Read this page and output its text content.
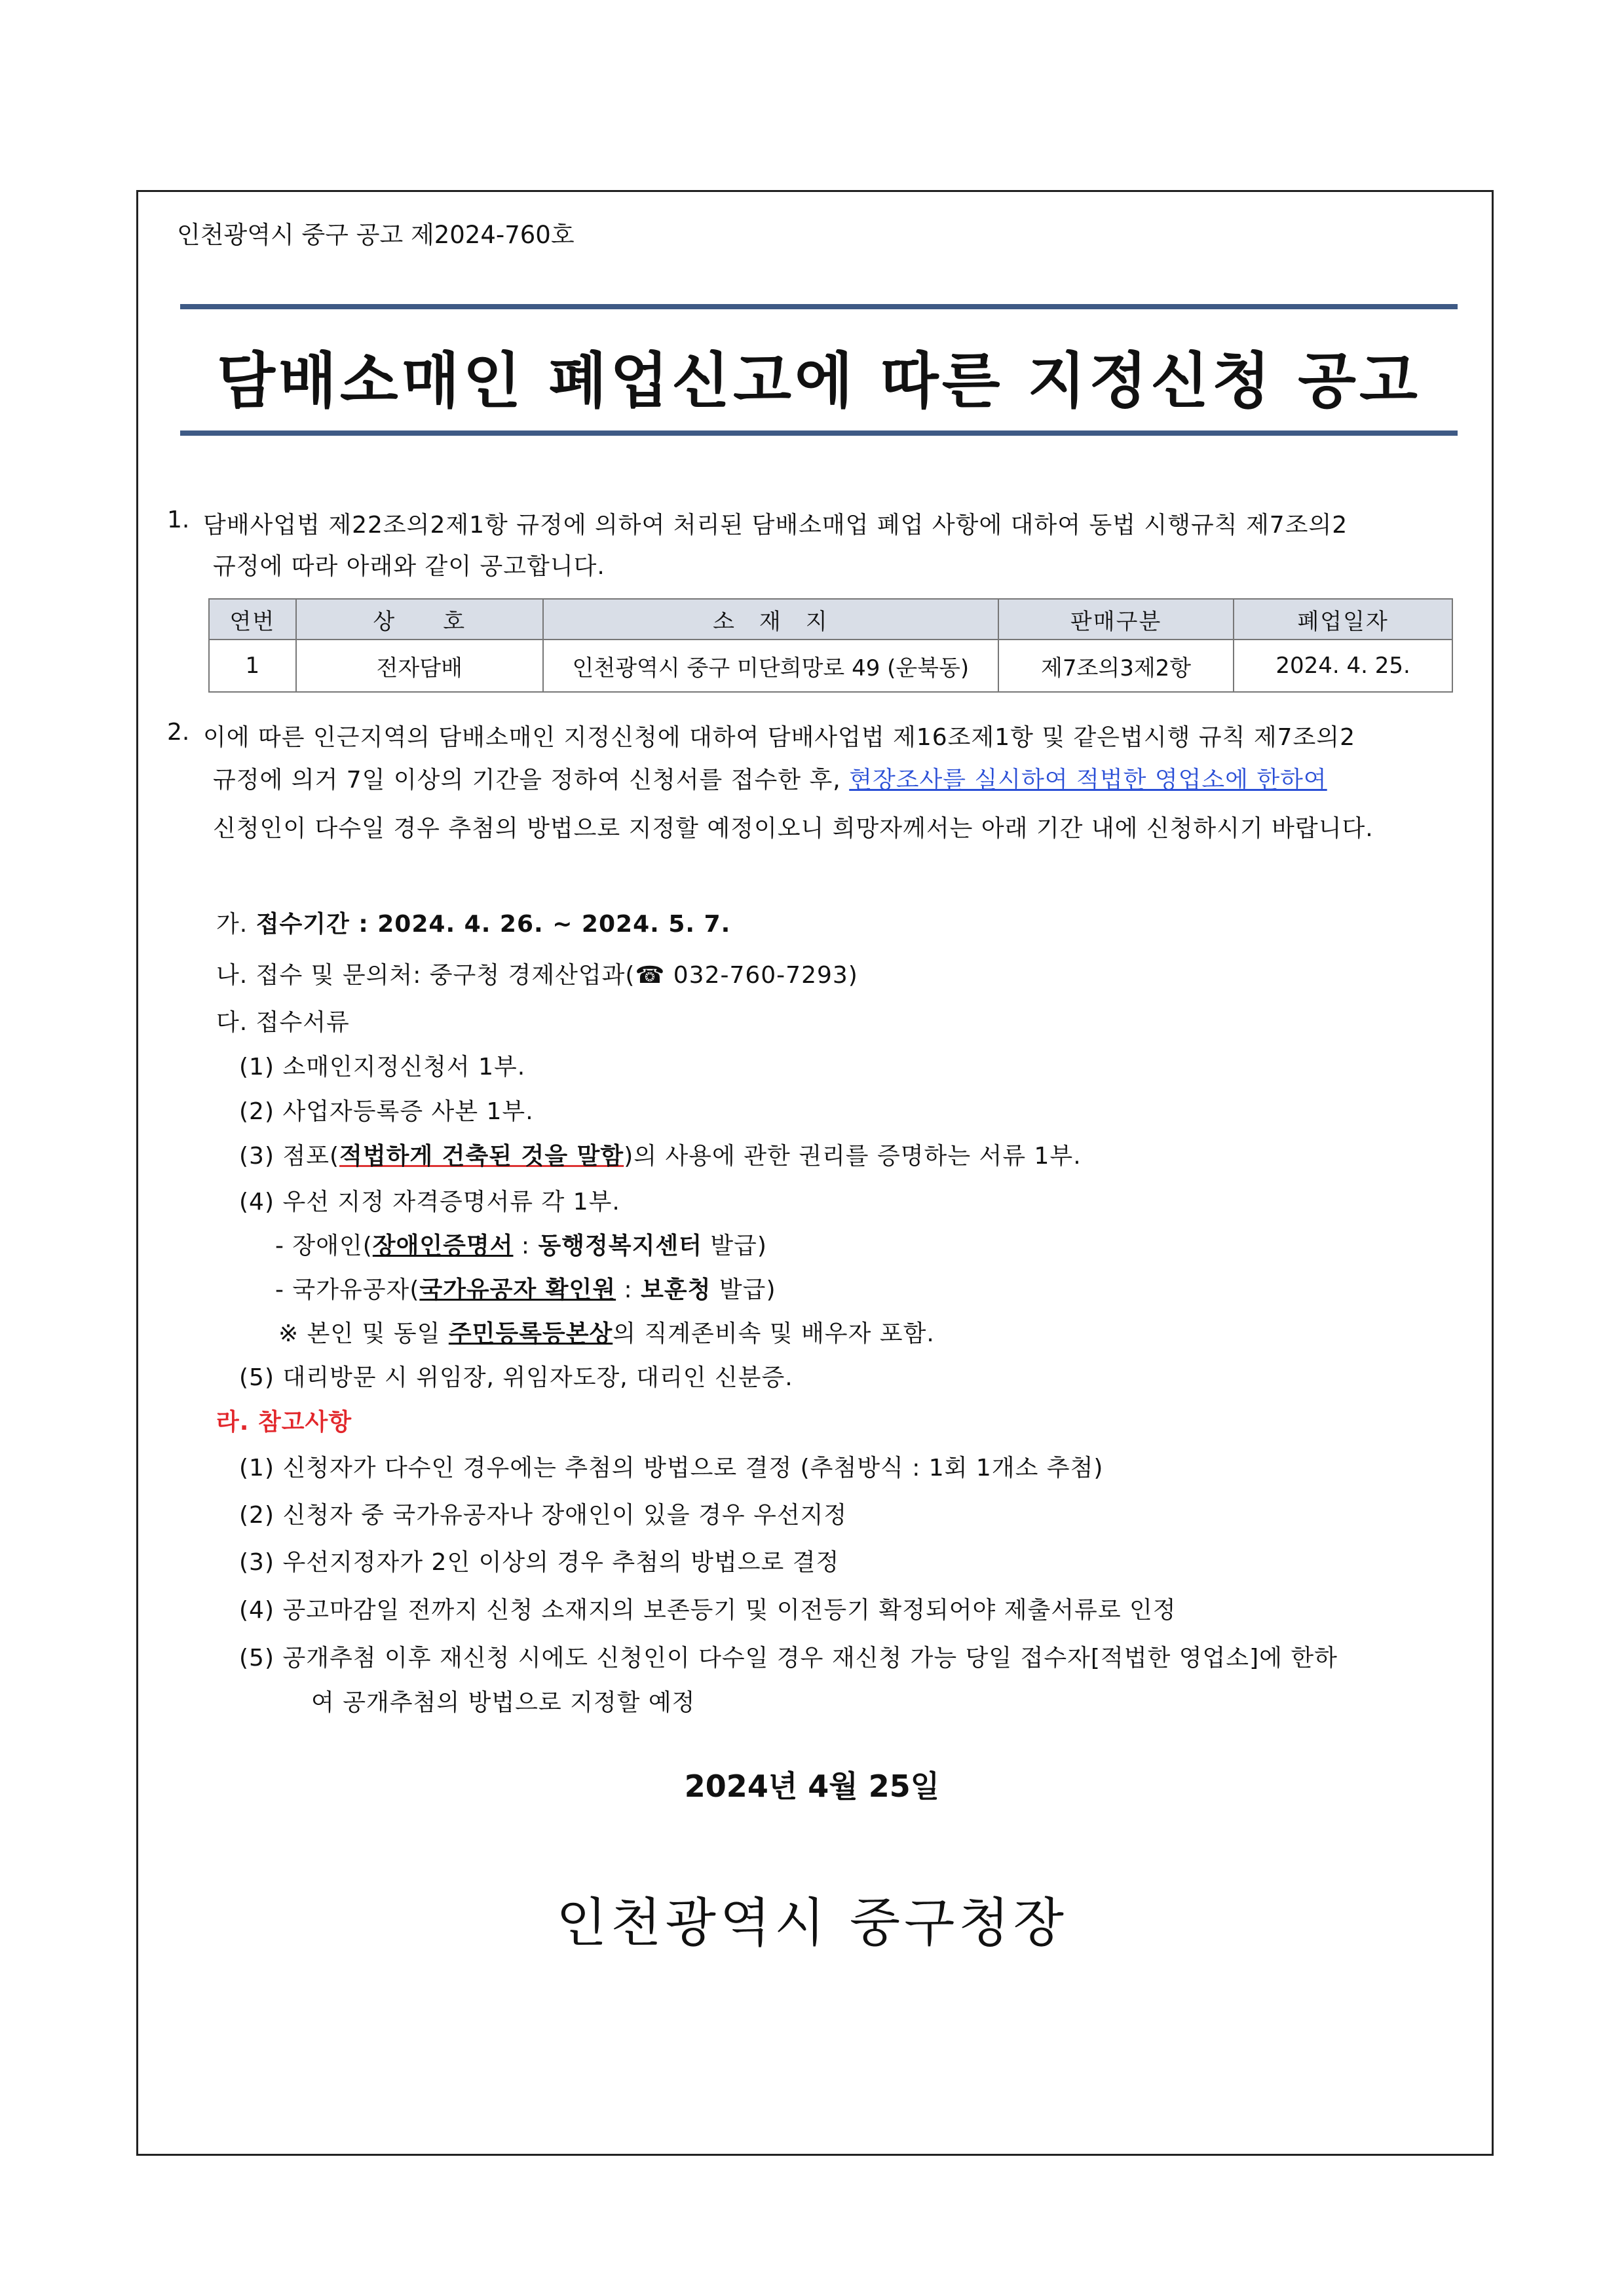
인천광역시 중구 공고 제2024-760호
담배소매인 폐업신고에 따른 지정신청 공고
1. 담배사업법 제22조의2제1항 규정에 의하여 처리된 담배소매업 폐업 사항에 대하여 동법 시행규칙 제7조의2
규정에 따라 아래와 같이 공고합니다.
연번	상　　호	소　재　지	판매구분	폐업일자
1	전자담배	인천광역시 중구 미단희망로 49 (운북동)	제7조의3제2항	2024. 4. 25.
2. 이에 따른 인근지역의 담배소매인 지정신청에 대하여 담배사업법 제16조제1항 및 같은법시행 규칙 제7조의2
규정에 의거 7일 이상의 기간을 정하여 신청서를 접수한 후, 현장조사를 실시하여 적법한 영업소에 한하여
신청인이 다수일 경우 추첨의 방법으로 지정할 예정이오니 희망자께서는 아래 기간 내에 신청하시기 바랍니다.
가. 접수기간 : 2024. 4. 26. ~ 2024. 5. 7.
나. 접수 및 문의처: 중구청 경제산업과(☎ 032-760-7293)
다. 접수서류
(1) 소매인지정신청서 1부.
(2) 사업자등록증 사본 1부.
(3) 점포(적법하게 건축된 것을 말함)의 사용에 관한 권리를 증명하는 서류 1부.
(4) 우선 지정 자격증명서류 각 1부.
- 장애인(장애인증명서 : 동행정복지센터 발급)
- 국가유공자(국가유공자 확인원 : 보훈청 발급)
※ 본인 및 동일 주민등록등본상의 직계존비속 및 배우자 포함.
(5) 대리방문 시 위임장, 위임자도장, 대리인 신분증.
라. 참고사항
(1) 신청자가 다수인 경우에는 추첨의 방법으로 결정 (추첨방식 : 1회 1개소 추첨)
(2) 신청자 중 국가유공자나 장애인이 있을 경우 우선지정
(3) 우선지정자가 2인 이상의 경우 추첨의 방법으로 결정
(4) 공고마감일 전까지 신청 소재지의 보존등기 및 이전등기 확정되어야 제출서류로 인정
(5) 공개추첨 이후 재신청 시에도 신청인이 다수일 경우 재신청 가능 당일 접수자[적법한 영업소]에 한하
여 공개추첨의 방법으로 지정할 예정
2024년 4월 25일
인천광역시 중구청장
